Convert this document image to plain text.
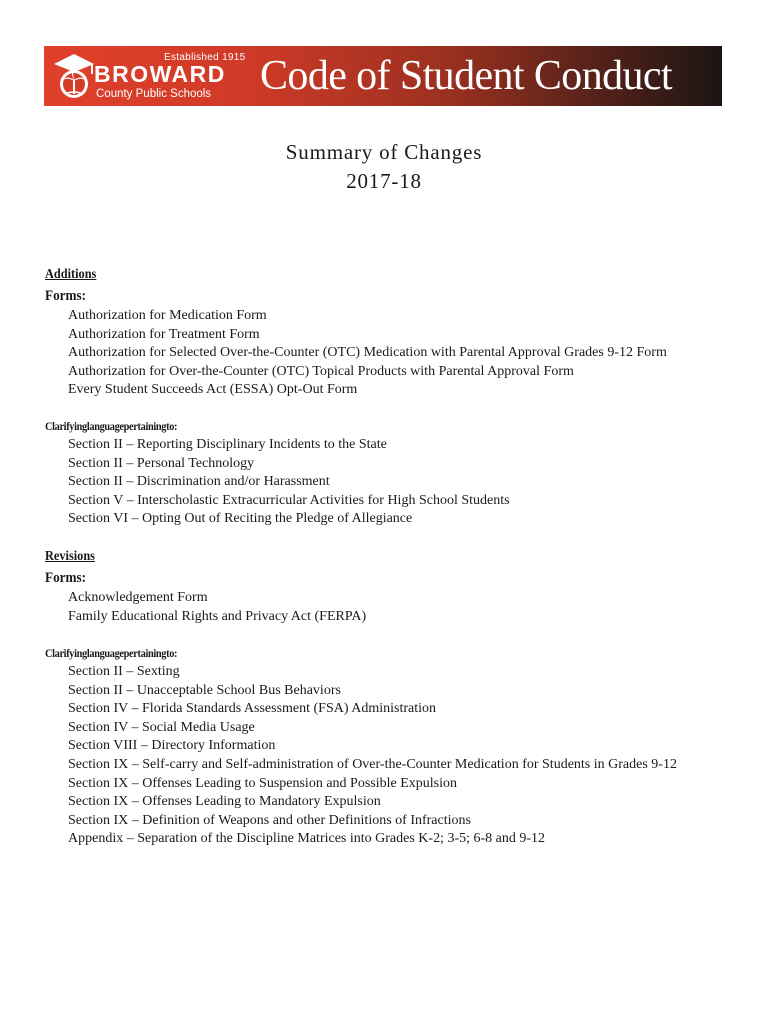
Established 1915
BROWARD
County Public Schools Code of Student Conduct
Summary of Changes
2017-18
Additions
Forms:
Authorization for Medication Form
Authorization for Treatment Form
Authorization for Selected Over-the-Counter (OTC) Medication with Parental Approval Grades 9-12 Form
Authorization for Over-the-Counter (OTC) Topical Products with Parental Approval Form
Every Student Succeeds Act (ESSA) Opt-Out Form
Clarifyinglanguagepertainingto:
Section II – Reporting Disciplinary Incidents to the State
Section II – Personal Technology
Section II – Discrimination and/or Harassment
Section V – Interscholastic Extracurricular Activities for High School Students
Section VI – Opting Out of Reciting the Pledge of Allegiance
Revisions
Forms:
Acknowledgement Form
Family Educational Rights and Privacy Act (FERPA)
Clarifyinglanguagepertainingto:
Section II – Sexting
Section II – Unacceptable School Bus Behaviors
Section IV – Florida Standards Assessment (FSA) Administration
Section IV – Social Media Usage
Section VIII – Directory Information
Section IX – Self-carry and Self-administration of Over-the-Counter Medication for Students in Grades 9-12
Section IX – Offenses Leading to Suspension and Possible Expulsion
Section IX – Offenses Leading to Mandatory Expulsion
Section IX – Definition of Weapons and other Definitions of Infractions
Appendix – Separation of the Discipline Matrices into Grades K-2; 3-5; 6-8 and 9-12
